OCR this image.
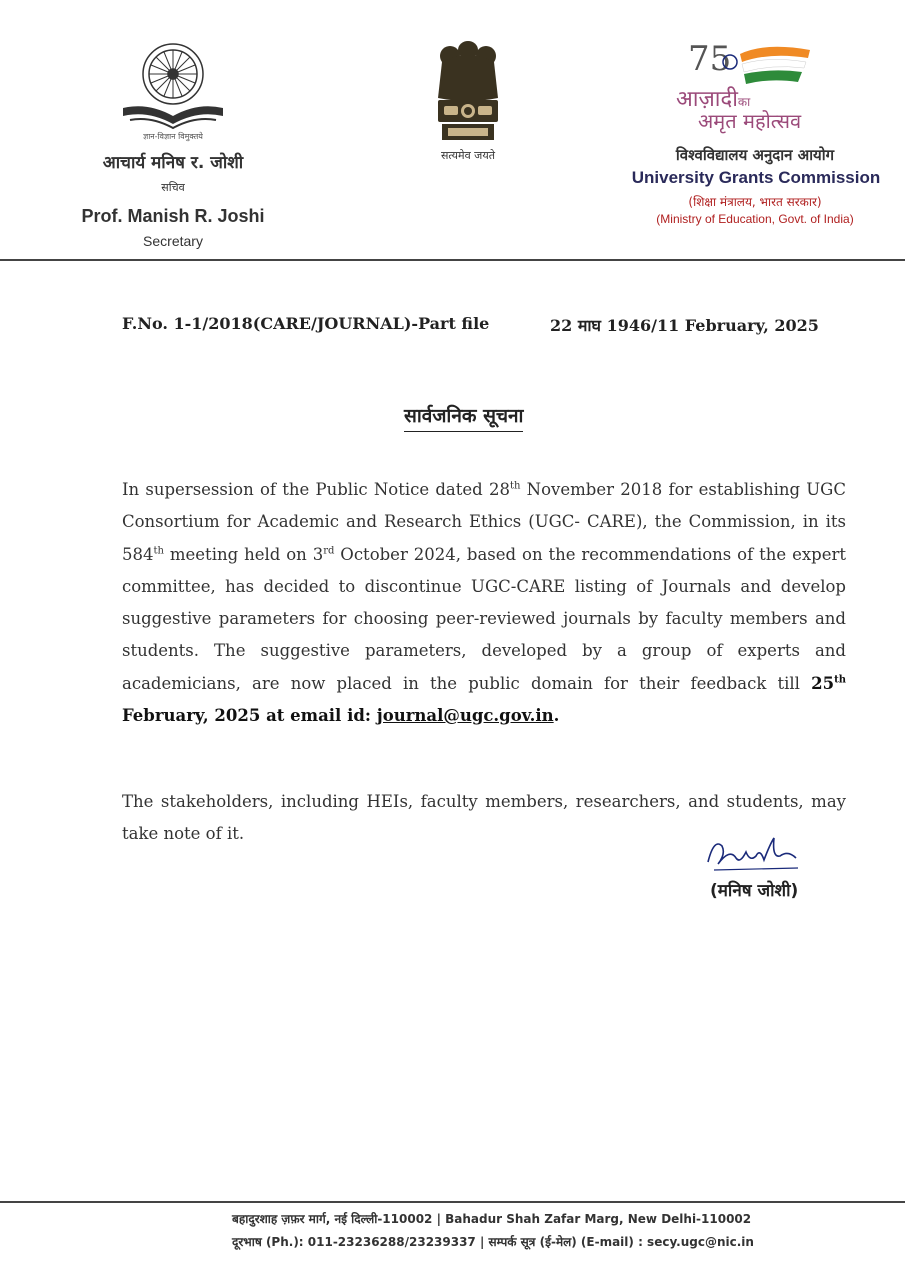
ज्ञान-विज्ञान विमुक्तये
आचार्य मनिष र. जोशी
सचिव
Prof. Manish R. Joshi
Secretary
सत्यमेव जयते
75
आज़ादीका
अमृत महोत्सव
विश्वविद्यालय अनुदान आयोग
University Grants Commission
(शिक्षा मंत्रालय, भारत सरकार)
(Ministry of Education, Govt. of India)
F.No. 1-1/2018(CARE/JOURNAL)-Part file	22 माघ 1946/11 February, 2025
सार्वजनिक सूचना
In supersession of the Public Notice dated 28th November 2018 for establishing UGC Consortium for Academic and Research Ethics (UGC- CARE), the Commission, in its 584th meeting held on 3rd October 2024, based on the recommendations of the expert committee, has decided to discontinue UGC-CARE listing of Journals and develop suggestive parameters for choosing peer-reviewed journals by faculty members and students. The suggestive parameters, developed by a group of experts and academicians, are now placed in the public domain for their feedback till 25th February, 2025 at email id: journal@ugc.gov.in.
The stakeholders, including HEIs, faculty members, researchers, and students, may take note of it.
(मनिष जोशी)
बहादुरशाह ज़फ़र मार्ग, नई दिल्ली-110002 | Bahadur Shah Zafar Marg, New Delhi-110002
दूरभाष (Ph.): 011-23236288/23239337 | सम्पर्क सूत्र (ई-मेल) (E-mail) : secy.ugc@nic.in
